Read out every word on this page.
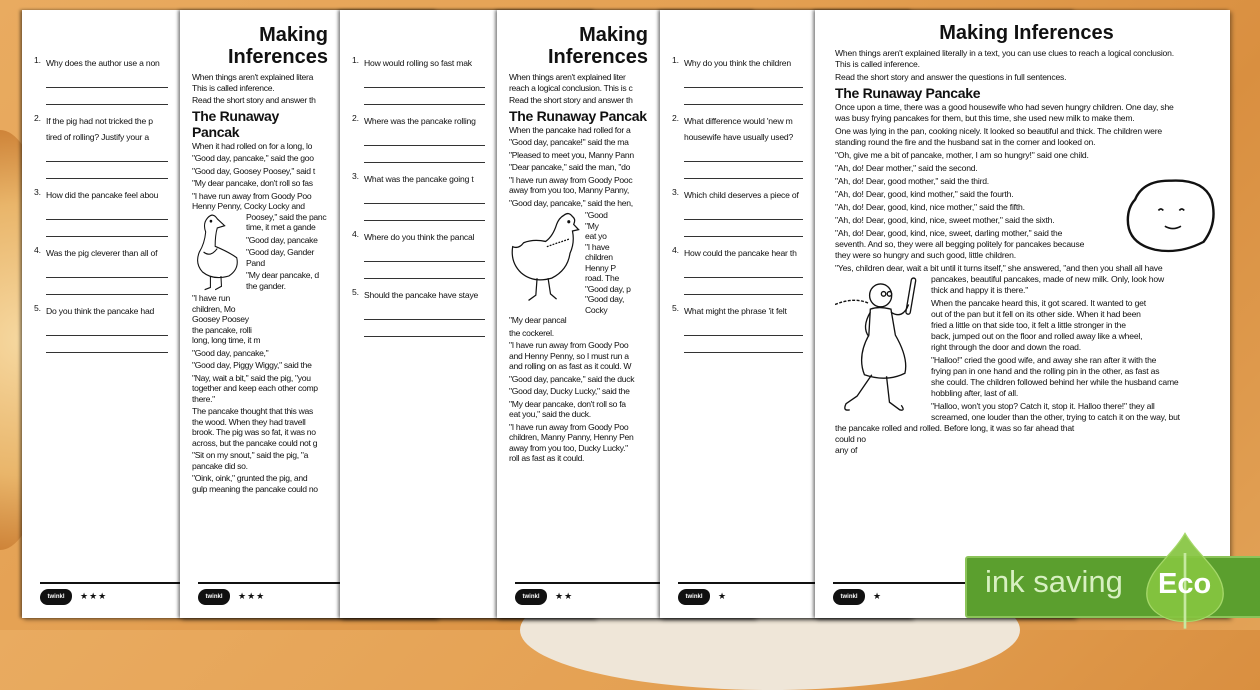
1. Why does the author use a non
2. If the pig had not tricked the p
tired of rolling? Justify your a
3. How did the pancake feel abou
4. Was the pig cleverer than all of
5. Do you think the pancake had
twinkl	★★★
Making Inferences
When things aren't explained litera
This is called inference.
Read the short story and answer th
The Runaway Pancak
When it had rolled on for a long, lo
"Good day, pancake," said the goo
"Good day, Goosey Poosey," said t
"My dear pancake, don't roll so fas
"I have run away from Goody Poo
Henny Penny, Cocky Locky and
Poosey," said the panc
time, it met a gande
"Good day, pancake
"Good day, Gander Pand
"My dear pancake, d
the gander.
"I have run
children, Mo
Goosey Poosey
the pancake, rolli
long, long time, it m
"Good day, pancake,"
"Good day, Piggy Wiggy," said the
"Nay, wait a bit," said the pig, "you
together and keep each other comp
there."
The pancake thought that this was
the wood. When they had travell
brook. The pig was so fat, it was no
across, but the pancake could not g
"Sit on my snout," said the pig, "a
pancake did so.
"Oink, oink," grunted the pig, and
gulp meaning the pancake could no
twinkl	★★★
1. How would rolling so fast mak
2. Where was the pancake rolling
3. What was the pancake going t
4. Where do you think the pancal
5. Should the pancake have staye
Making Inferences
When things aren't explained liter
reach a logical conclusion. This is c
Read the short story and answer th
The Runaway Pancak
When the pancake had rolled for a
"Good day, pancake!" said the ma
"Pleased to meet you, Manny Pann
"Dear pancake," said the man, "do
"I have run away from Goody Pooc
away from you too, Manny Panny,
"Good day, pancake," said the hen,
"Good
"My
eat yo
"I have
children
Henny P
road. The
"Good day, p
"Good day, Cocky
"My dear pancal
the cockerel.
"I have run away from Goody Poo
and Henny Penny, so I must run a
and rolling on as fast as it could. W
"Good day, pancake," said the duck
"Good day, Ducky Lucky," said the
"My dear pancake, don't roll so fa
eat you," said the duck.
"I have run away from Goody Poo
children, Manny Panny, Henny Pen
away from you too, Ducky Lucky."
roll as fast as it could.
twinkl	★★
1. Why do you think the children
2. What difference would 'new m
housewife have usually used?
3. Which child deserves a piece of
4. How could the pancake hear th
5. What might the phrase 'it felt
twinkl	★
Making Inferences
When things aren't explained literally in a text, you can use clues to reach a logical conclusion.
This is called inference.
Read the short story and answer the questions in full sentences.
The Runaway Pancake
Once upon a time, there was a good housewife who had seven hungry children. One day, she
was busy frying pancakes for them, but this time, she used new milk to make them.
One was lying in the pan, cooking nicely. It looked so beautiful and thick. The children were
standing round the fire and the husband sat in the corner and looked on.
"Oh, give me a bit of pancake, mother, I am so hungry!" said one child.
"Ah, do! Dear mother," said the second.
"Ah, do! Dear, good mother," said the third.
"Ah, do! Dear, good, kind mother," said the fourth.
"Ah, do! Dear, good, kind, nice mother," said the fifth.
"Ah, do! Dear, good, kind, nice, sweet mother," said the sixth.
"Ah, do! Dear, good, kind, nice, sweet, darling mother," said the
seventh. And so, they were all begging politely for pancakes because
they were so hungry and such good, little children.
"Yes, children dear, wait a bit until it turns itself," she answered, "and then you shall all have
pancakes, beautiful pancakes, made of new milk. Only, look how
thick and happy it is there."
When the pancake heard this, it got scared. It wanted to get
out of the pan but it fell on its other side. When it had been
fried a little on that side too, it felt a little stronger in the
back, jumped out on the floor and rolled away like a wheel,
right through the door and down the road.
"Halloo!" cried the good wife, and away she ran after it with the
frying pan in one hand and the rolling pin in the other, as fast as
she could. The children followed behind her while the husband came
hobbling after, last of all.
"Halloo, won't you stop? Catch it, stop it. Halloo there!" they all
screamed, one louder than the other, trying to catch it on the way, but
the pancake rolled and rolled. Before long, it was so far ahead that
could no
any of
twinkl	★	ink saving Eco
